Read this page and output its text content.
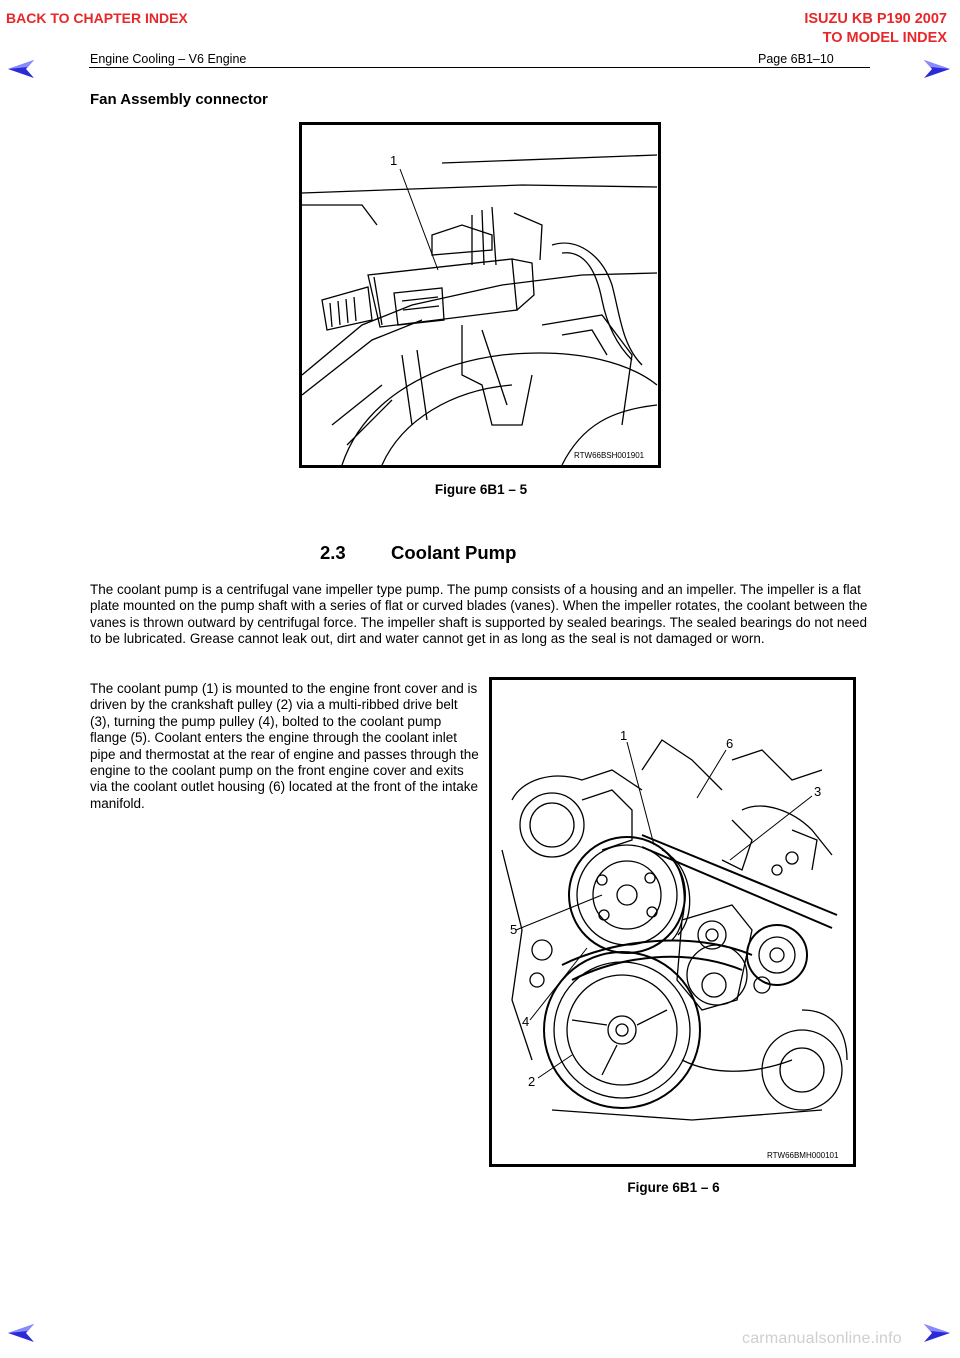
BACK TO CHAPTER INDEX	ISUZU KB P190 2007
TO MODEL INDEX
Engine Cooling – V6 Engine	Page 6B1–10
Fan Assembly connector
1
RTW66BSH001901
Figure 6B1 – 5
2.3 Coolant Pump
The coolant pump is a centrifugal vane impeller type pump. The pump consists of a housing and an impeller. The impeller is a flat plate mounted on the pump shaft with a series of flat or curved blades (vanes). When the impeller rotates, the coolant between the vanes is thrown outward by centrifugal force. The impeller shaft is supported by sealed bearings. The sealed bearings do not need to be lubricated. Grease cannot leak out, dirt and water cannot get in as long as the seal is not damaged or worn.
The coolant pump (1) is mounted to the engine front cover and is driven by the crankshaft pulley (2) via a multi-ribbed drive belt (3), turning the pump pulley (4), bolted to the coolant pump flange (5). Coolant enters the engine through the coolant inlet pipe and thermostat at the rear of engine and passes through the engine to the coolant pump on the front engine cover and exits via the coolant outlet housing (6) located at the front of the intake manifold.
1
6
3
5
4
2
RTW66BMH000101
Figure 6B1 – 6
carmanualsonline.info
